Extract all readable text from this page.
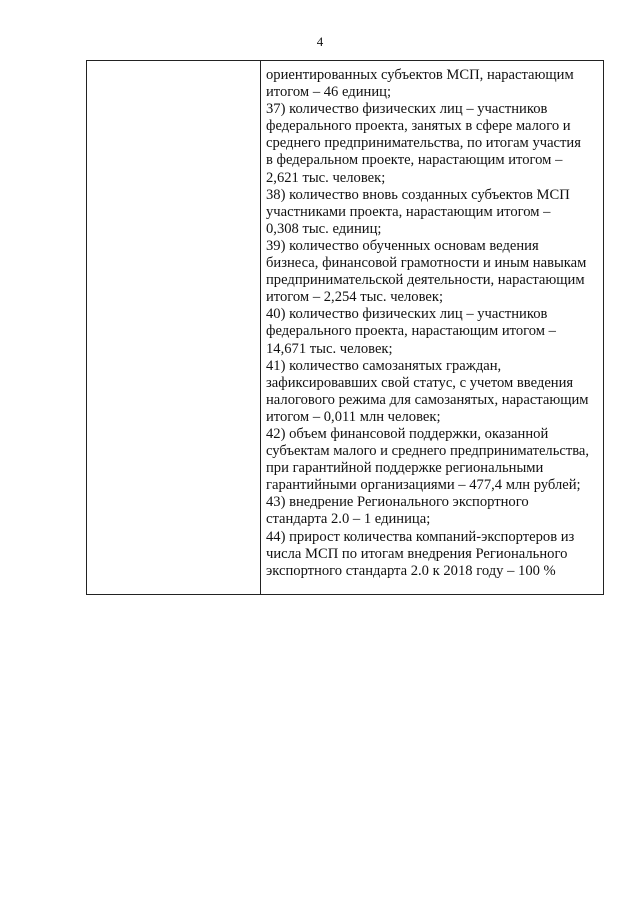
4

ориентированных субъектов МСП, нарастающим
итогом – 46 единиц;
37) количество физических лиц – участников
федерального проекта, занятых в сфере малого и
среднего предпринимательства, по итогам участия
в федеральном проекте, нарастающим итогом –
2,621 тыс. человек;
38) количество вновь созданных субъектов МСП
участниками проекта, нарастающим итогом –
0,308 тыс. единиц;
39) количество обученных основам ведения
бизнеса, финансовой грамотности и иным навыкам
предпринимательской деятельности, нарастающим
итогом – 2,254 тыс. человек;
40) количество физических лиц – участников
федерального проекта, нарастающим итогом –
14,671 тыс. человек;
41) количество самозанятых граждан,
зафиксировавших свой статус, с учетом введения
налогового режима для самозанятых, нарастающим
итогом – 0,011 млн человек;
42) объем финансовой поддержки, оказанной
субъектам малого и среднего предпринимательства,
при гарантийной поддержке региональными
гарантийными организациями – 477,4 млн рублей;
43) внедрение Регионального экспортного
стандарта 2.0 – 1 единица;
44) прирост количества компаний-экспортеров из
числа МСП по итогам внедрения Регионального
экспортного стандарта 2.0 к 2018 году – 100 %
